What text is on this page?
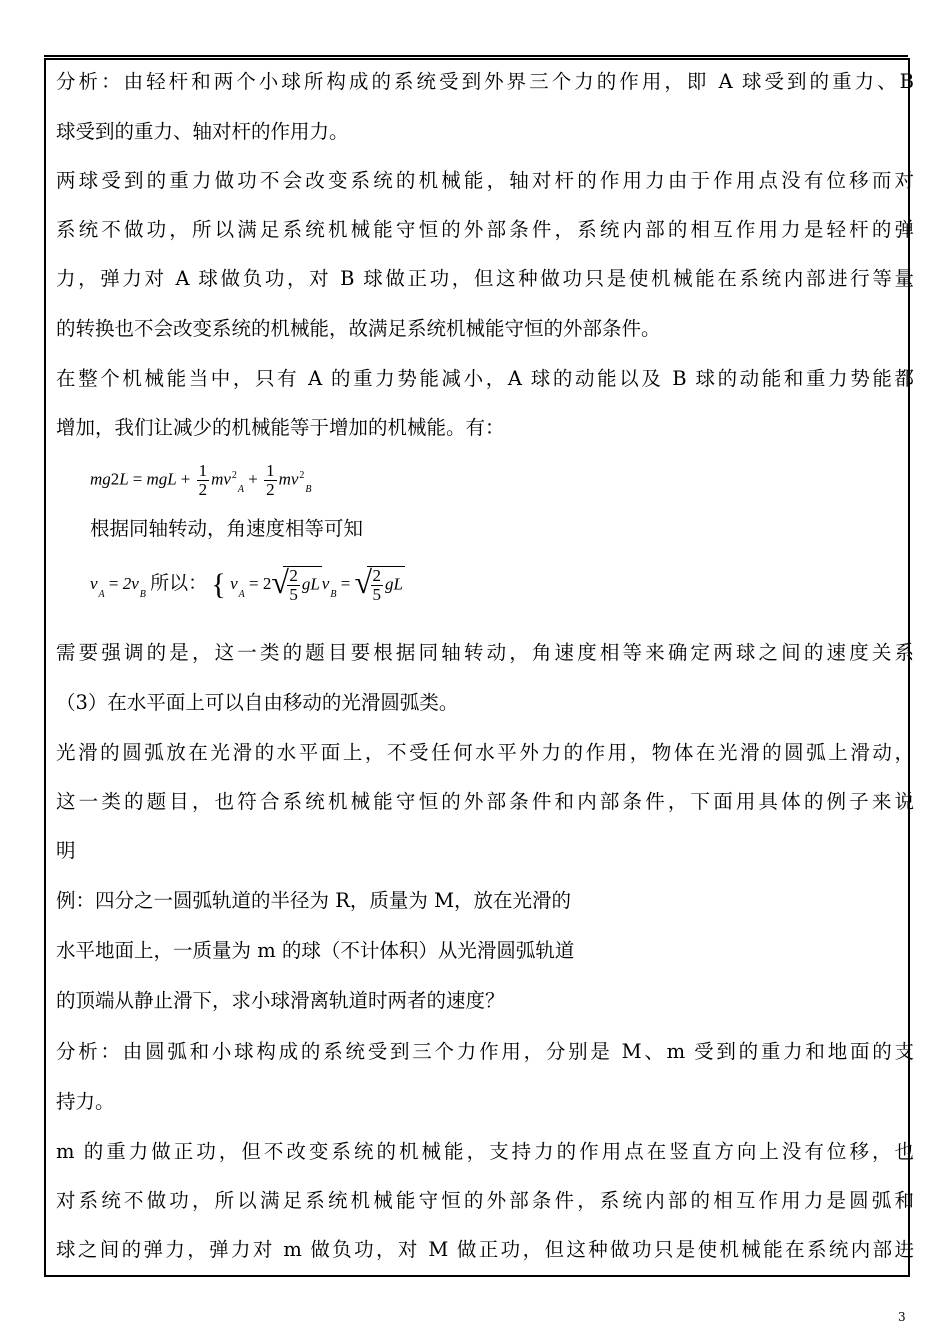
分析：由轻杆和两个小球所构成的系统受到外界三个力的作用，即 A 球受到的重力、B
球受到的重力、轴对杆的作用力。
两球受到的重力做功不会改变系统的机械能，轴对杆的作用力由于作用点没有位移而对
系统不做功，所以满足系统机械能守恒的外部条件，系统内部的相互作用力是轻杆的弹
力，弹力对 A 球做负功，对 B 球做正功，但这种做功只是使机械能在系统内部进行等量
的转换也不会改变系统的机械能，故满足系统机械能守恒的外部条件。
在整个机械能当中，只有 A 的重力势能减小，A 球的动能以及 B 球的动能和重力势能都
增加，我们让减少的机械能等于增加的机械能。有：
mg2L = mgL + $\frac{1}{2} mv^2_A + \frac{1}{2} mv^2_B$
根据同轴转动，角速度相等可知
$v_A = 2v_B$ 所以： { $v_A = 2$ √
$\frac{2}{5}$ gL $v_B$ = √
$\frac{2}{5}$ gL
需要强调的是，这一类的题目要根据同轴转动，角速度相等来确定两球之间的速度关系
（3）在水平面上可以自由移动的光滑圆弧类。
光滑的圆弧放在光滑的水平面上，不受任何水平外力的作用，物体在光滑的圆弧上滑动，
这一类的题目，也符合系统机械能守恒的外部条件和内部条件，下面用具体的例子来说
明
例：四分之一圆弧轨道的半径为 R，质量为 M，放在光滑的
水平地面上，一质量为 m 的球（不计体积）从光滑圆弧轨道
的顶端从静止滑下，求小球滑离轨道时两者的速度？
分析：由圆弧和小球构成的系统受到三个力作用，分别是 M、m 受到的重力和地面的支
持力。
m 的重力做正功，但不改变系统的机械能，支持力的作用点在竖直方向上没有位移，也
对系统不做功，所以满足系统机械能守恒的外部条件，系统内部的相互作用力是圆弧和
球之间的弹力，弹力对 m 做负功，对 M 做正功，但这种做功只是使机械能在系统内部进
3
